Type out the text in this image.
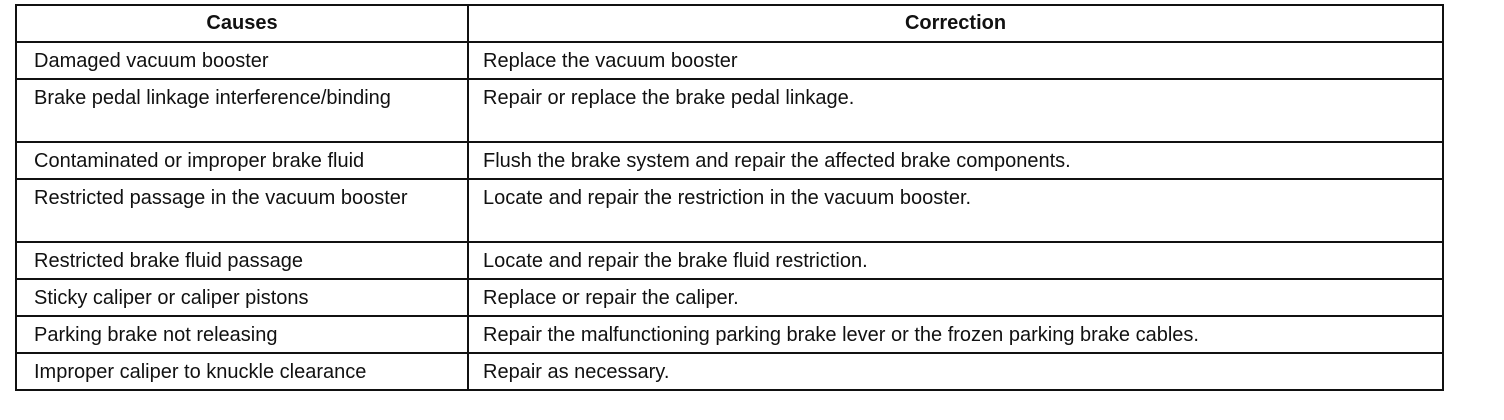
Causes	Correction
Damaged vacuum booster	Replace the vacuum booster
Brake pedal linkage interference/binding	Repair or replace the brake pedal linkage.
Contaminated or improper brake fluid	Flush the brake system and repair the affected brake components.
Restricted passage in the vacuum booster	Locate and repair the restriction in the vacuum booster.
Restricted brake fluid passage	Locate and repair the brake fluid restriction.
Sticky caliper or caliper pistons	Replace or repair the caliper.
Parking brake not releasing	Repair the malfunctioning parking brake lever or the frozen parking brake cables.
Improper caliper to knuckle clearance	Repair as necessary.
